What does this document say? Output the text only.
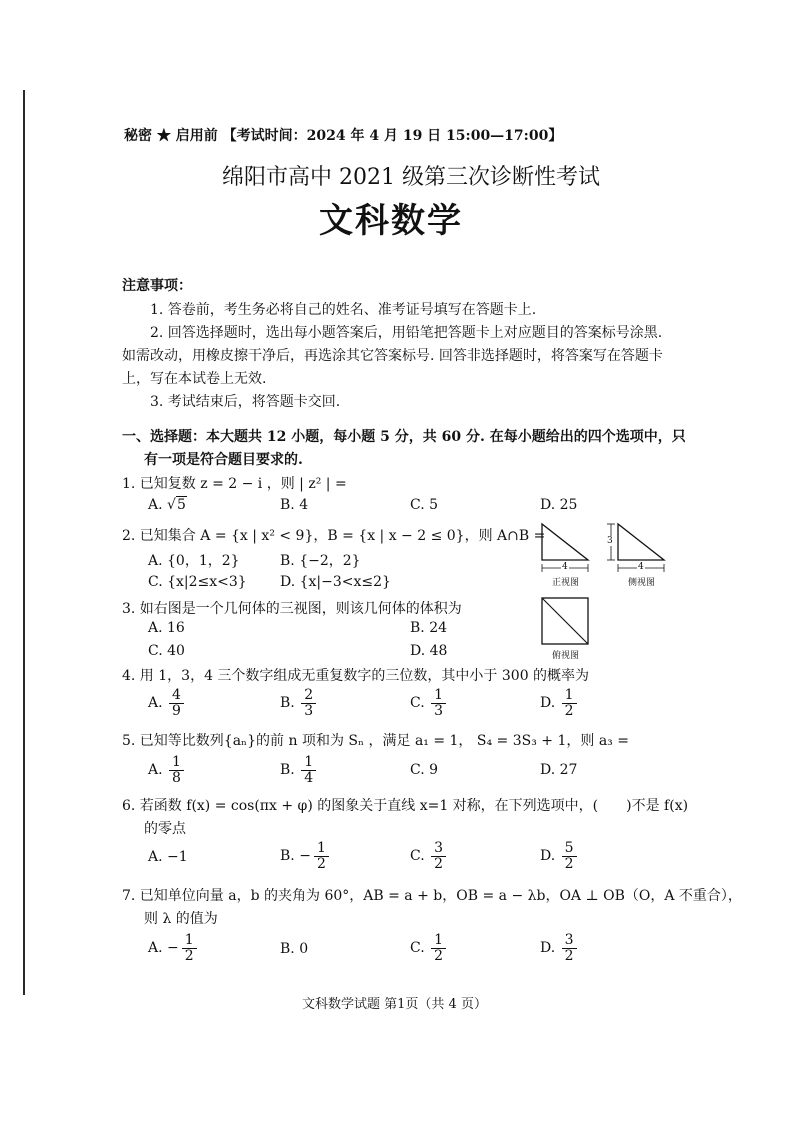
秘密 ★ 启用前 【考试时间：2024 年 4 月 19 日 15:00—17:00】
绵阳市高中 2021 级第三次诊断性考试
文科数学
注意事项：
1. 答卷前，考生务必将自己的姓名、准考证号填写在答题卡上.
2. 回答选择题时，选出每小题答案后，用铅笔把答题卡上对应题目的答案标号涂黑.
如需改动，用橡皮擦干净后，再选涂其它答案标号. 回答非选择题时，将答案写在答题卡
上，写在本试卷上无效.
3. 考试结束后，将答题卡交回.
一、选择题：本大题共 12 小题，每小题 5 分，共 60 分. 在每小题给出的四个选项中，只
有一项是符合题目要求的.
1. 已知复数 z = 2 − i ，则 | z² | =
A. √5	B. 4	C. 5	D. 25
2. 已知集合 A = {x | x² < 9}，B = {x | x − 2 ≤ 0}，则 A∩B =
A. {0，1，2}	B. {−2，2}
C. {x|2≤x<3} D. {x|−3<x≤2}
4	4
3
正视图	侧视图
俯视图
3. 如右图是一个几何体的三视图，则该几何体的体积为
A. 16	B. 24
C. 40	D. 48
4. 用 1，3，4 三个数字组成无重复数字的三位数，其中小于 300 的概率为
A. $\frac{4}{9}$	B. $\frac{2}{3}$	C. $\frac{1}{3}$	D. $\frac{1}{2}$
5. 已知等比数列{aₙ}的前 n 项和为 Sₙ ，满足 a₁ = 1， S₄ = 3S₃ + 1，则 a₃ =
A. $\frac{1}{8}$	B. $\frac{1}{4}$	C. 9	D. 27
6. 若函数 f(x) = cos(πx + φ) 的图象关于直线 x=1 对称，在下列选项中，(　　)不是 f(x)
的零点
A. −1	B. − $\frac{1}{2}$	C. $\frac{3}{2}$	D. $\frac{5}{2}$
7. 已知单位向量 a，b 的夹角为 60°，AB = a + b，OB = a − λb，OA ⊥ OB（O，A 不重合），
则 λ 的值为
A. − $\frac{1}{2}$	B. 0	C. $\frac{1}{2}$	D. $\frac{3}{2}$
文科数学试题 第1页（共 4 页）
